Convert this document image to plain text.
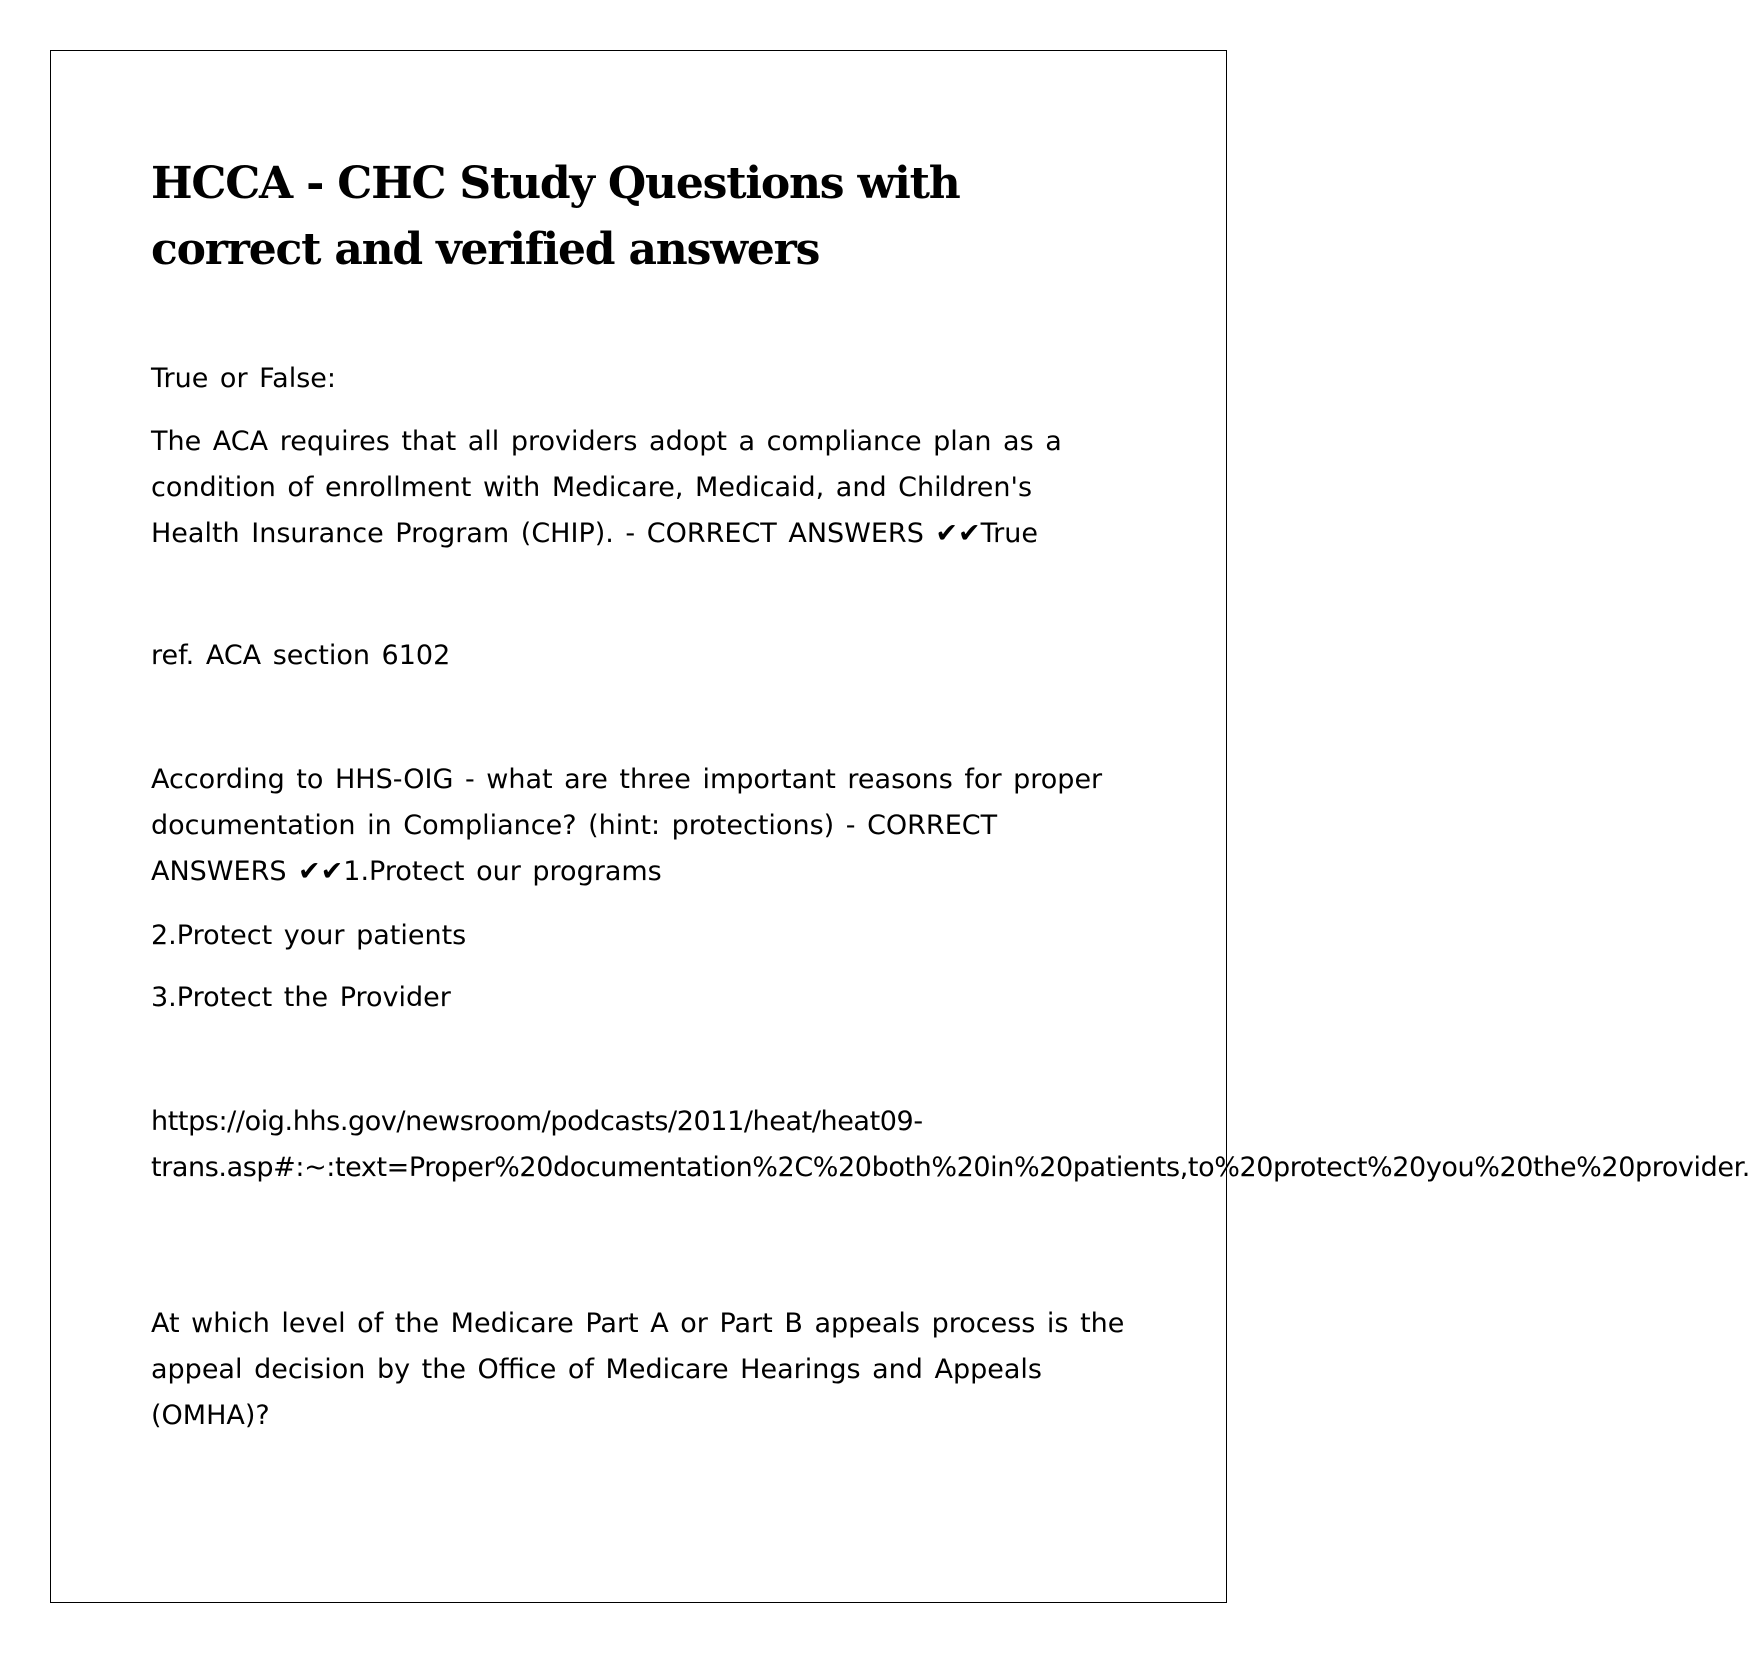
HCCA - CHC Study Questions with correct and verified answers

True or False:

The ACA requires that all providers adopt a compliance plan as a condition of enrollment with Medicare, Medicaid, and Children's Health Insurance Program (CHIP). - CORRECT ANSWERS ✔✔True

ref. ACA section 6102

According to HHS-OIG - what are three important reasons for proper documentation in Compliance? (hint: protections) - CORRECT ANSWERS ✔✔1.Protect our programs

2.Protect your patients

3.Protect the Provider

https://oig.hhs.gov/newsroom/podcasts/2011/heat/heat09-trans.asp#:~:text=Proper%20documentation%2C%20both%20in%20patients,to%20protect%20you%20the%20provider.

At which level of the Medicare Part A or Part B appeals process is the appeal decision by the Office of Medicare Hearings and Appeals (OMHA)?
